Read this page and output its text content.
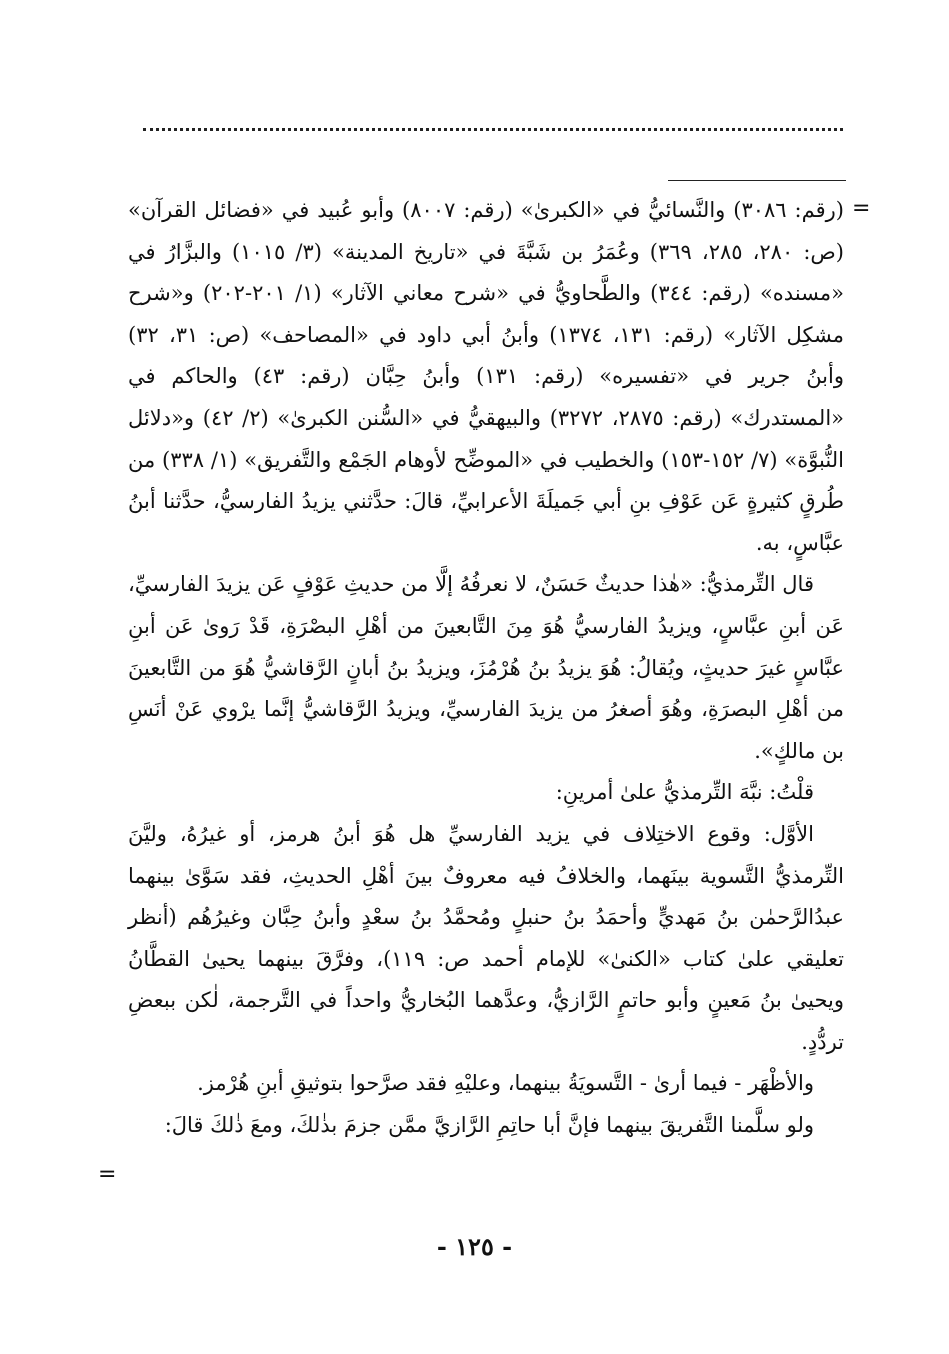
=

(رقم: ٣٠٨٦) والنَّسائيُّ في «الكبرىٰ» (رقم: ٨٠٠٧) وأبو عُبيد في «فضائل القرآن» (ص: ٢٨٠، ٢٨٥، ٣٦٩) وعُمَرُ بن شَبَّةَ في «تاريخ المدينة» (٣/ ١٠١٥) والبزَّارُ في «مسنده» (رقم: ٣٤٤) والطَّحاويُّ في «شرح معاني الآثار» (١/ ٢٠١-٢٠٢) و«شرح مشكِل الآثار» (رقم: ١٣١، ١٣٧٤) وأبنُ أبي داود في «المصاحف» (ص: ٣١، ٣٢) وأبنُ جرير في «تفسيره» (رقم: ١٣١) وأبنُ حِبَّان (رقم: ٤٣) والحاكم في «المستدرك» (رقم: ٢٨٧٥، ٣٢٧٢) والبيهقيُّ في «السُّنن الكبرىٰ» (٢/ ٤٢) و«دلائل النُّبوَّة» (٧/ ١٥٢-١٥٣) والخطيب في «الموضِّح لأوهام الجَمْع والتَّفريق» (١/ ٣٣٨) من طُرقٍ كثيرةٍ عَن عَوْفِ بنِ أبي جَميلَةَ الأعرابيِّ، قالَ: حدَّثني يزيدُ الفارسيُّ، حدَّثنا أبنُ عبَّاسٍ، به.

قال التِّرمذيُّ: «هٰذا حديثٌ حَسَنٌ، لا نعرفُهُ إلَّا من حديثِ عَوْفٍ عَن يزيدَ الفارسيِّ، عَن أبنِ عبَّاسٍ، ويزيدُ الفارسيُّ هُوَ مِنَ التَّابعينَ من أهْلِ البصْرَةِ، قَدْ رَوىٰ عَن أبنِ عبَّاسٍ غيرَ حديثٍ، ويُقالُ: هُوَ يزيدُ بنُ هُرْمُزَ، ويزيدُ بنُ أبانٍ الرَّقاشيُّ هُوَ من التَّابعينَ من أهْلِ البصرَةِ، وهُوَ أصغرُ من يزيدَ الفارسيِّ، ويزيدُ الرَّقاشيُّ إنَّما يرْوي عَنْ أنَسِ بن مالكٍ».

قلْتُ: نبَّهَ التِّرمذيُّ علىٰ أمرينِ:

الأوَّل: وقوع الاختِلاف في يزيد الفارسيِّ هل هُوَ أبنُ هرمز، أو غيرُهُ، وليَّنَ التِّرمذيُّ التَّسوية بينَهما، والخلافُ فيه معروفٌ بينَ أهْلِ الحديثِ، فقد سَوَّىٰ بينهما عبدُالرَّحمٰن بنُ مَهديٍّ وأحمَدُ بنُ حنبلٍ ومُحمَّدُ بنُ سعْدٍ وأبنُ حِبَّان وغيرُهُم (أنظر تعليقي علىٰ كتاب «الكنىٰ» للإمام أحمد ص: ١١٩)، وفرَّقَ بينهما يحيىٰ القطَّانُ ويحيىٰ بنُ مَعينٍ وأبو حاتمٍ الرَّازيُّ، وعدَّهما البُخاريُّ واحداً في التَّرجمة، لٰكن ببعضِ تردُّدٍ.

والأظْهَر - فيما أرىٰ - التَّسويَةُ بينهما، وعليْهِ فقد صرَّحوا بتوثيقِ أبنِ هُرْمز.

ولو سلَّمنا التَّفريقَ بينهما فإنَّ أبا حاتِمِ الرَّازيَّ ممَّن جزمَ بذٰلكَ، ومعَ ذٰلكَ قالَ:

=
- ١٢٥ -
